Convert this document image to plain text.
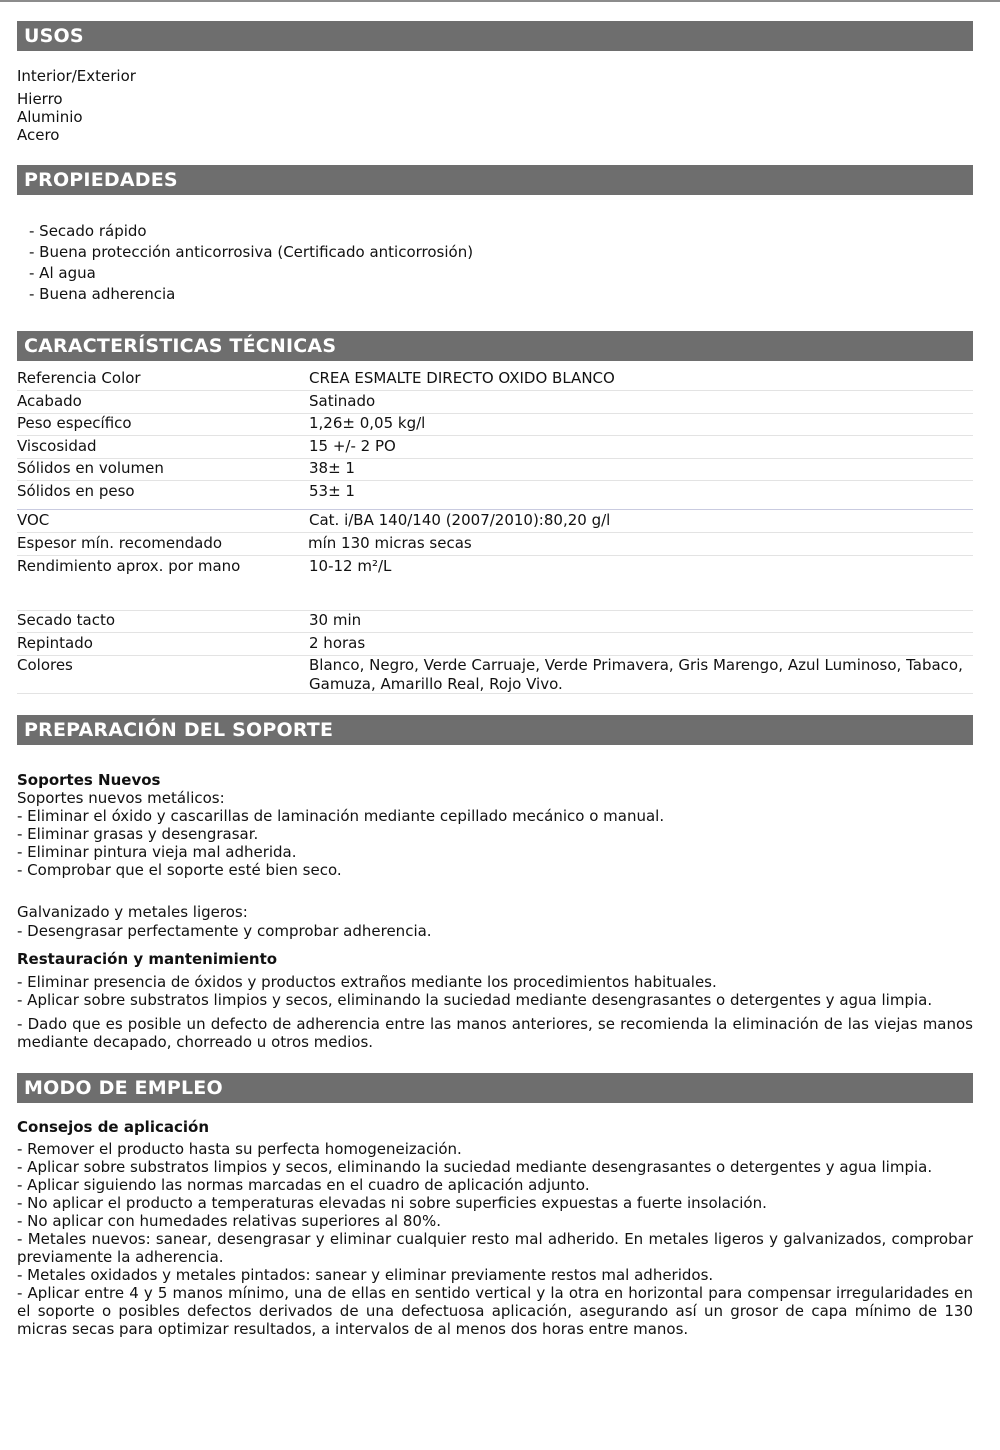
USOS
Interior/Exterior
Hierro
Aluminio
Acero
PROPIEDADES
- Secado rápido
- Buena protección anticorrosiva (Certificado anticorrosión)
- Al agua
- Buena adherencia
CARACTERÍSTICAS TÉCNICAS
Referencia Color	CREA ESMALTE DIRECTO OXIDO BLANCO
Acabado	Satinado
Peso específico	1,26± 0,05 kg/l
Viscosidad	15 +/- 2 PO
Sólidos en volumen	38± 1
Sólidos en peso	53± 1
VOC	Cat. i/BA 140/140 (2007/2010):80,20 g/l
Espesor mín. recomendado	mín 130 micras secas
Rendimiento aprox. por mano	10-12 m²/L
Secado tacto	30 min
Repintado	2 horas
Colores	Blanco, Negro, Verde Carruaje, Verde Primavera, Gris Marengo, Azul Luminoso, Tabaco, Gamuza, Amarillo Real, Rojo Vivo.
PREPARACIÓN DEL SOPORTE
Soportes Nuevos
Soportes nuevos metálicos:
- Eliminar el óxido y cascarillas de laminación mediante cepillado mecánico o manual.
- Eliminar grasas y desengrasar.
- Eliminar pintura vieja mal adherida.
- Comprobar que el soporte esté bien seco.
Galvanizado y metales ligeros:
- Desengrasar perfectamente y comprobar adherencia.
Restauración y mantenimiento
- Eliminar presencia de óxidos y productos extraños mediante los procedimientos habituales.
- Aplicar sobre substratos limpios y secos, eliminando la suciedad mediante desengrasantes o detergentes y agua limpia.
- Dado que es posible un defecto de adherencia entre las manos anteriores, se recomienda la eliminación de las viejas manos mediante decapado, chorreado u otros medios.
MODO DE EMPLEO
Consejos de aplicación
- Remover el producto hasta su perfecta homogeneización.
- Aplicar sobre substratos limpios y secos, eliminando la suciedad mediante desengrasantes o detergentes y agua limpia.
- Aplicar siguiendo las normas marcadas en el cuadro de aplicación adjunto.
- No aplicar el producto a temperaturas elevadas ni sobre superficies expuestas a fuerte insolación.
- No aplicar con humedades relativas superiores al 80%.
- Metales nuevos: sanear, desengrasar y eliminar cualquier resto mal adherido. En metales ligeros y galvanizados, comprobar previamente la adherencia.
- Metales oxidados y metales pintados: sanear y eliminar previamente restos mal adheridos.
- Aplicar entre 4 y 5 manos mínimo, una de ellas en sentido vertical y la otra en horizontal para compensar irregularidades en el soporte o posibles defectos derivados de una defectuosa aplicación, asegurando así un grosor de capa mínimo de 130 micras secas para optimizar resultados, a intervalos de al menos dos horas entre manos.
